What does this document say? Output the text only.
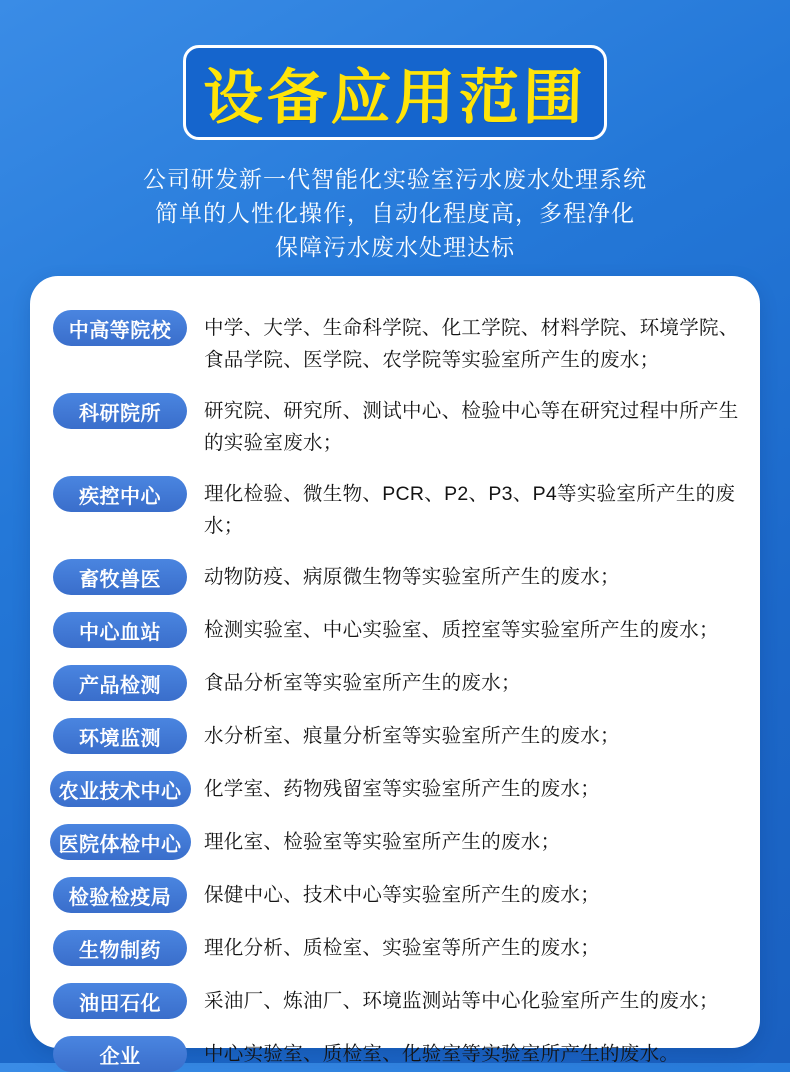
设备应用范围
公司研发新一代智能化实验室污水废水处理系统
简单的人性化操作，自动化程度高，多程净化
保障污水废水处理达标
中高等院校 中学、大学、生命科学院、化工学院、材料学院、环境学院、食品学院、医学院、农学院等实验室所产生的废水；
科研院所 研究院、研究所、测试中心、检验中心等在研究过程中所产生的实验室废水；
疾控中心 理化检验、微生物、PCR、P2、P3、P4等实验室所产生的废水；
畜牧兽医 动物防疫、病原微生物等实验室所产生的废水；
中心血站 检测实验室、中心实验室、质控室等实验室所产生的废水；
产品检测 食品分析室等实验室所产生的废水；
环境监测 水分析室、痕量分析室等实验室所产生的废水；
农业技术中心 化学室、药物残留室等实验室所产生的废水；
医院体检中心 理化室、检验室等实验室所产生的废水；
检验检疫局 保健中心、技术中心等实验室所产生的废水；
生物制药 理化分析、质检室、实验室等所产生的废水；
油田石化 采油厂、炼油厂、环境监测站等中心化验室所产生的废水；
企业	中心实验室、质检室、化验室等实验室所产生的废水。
